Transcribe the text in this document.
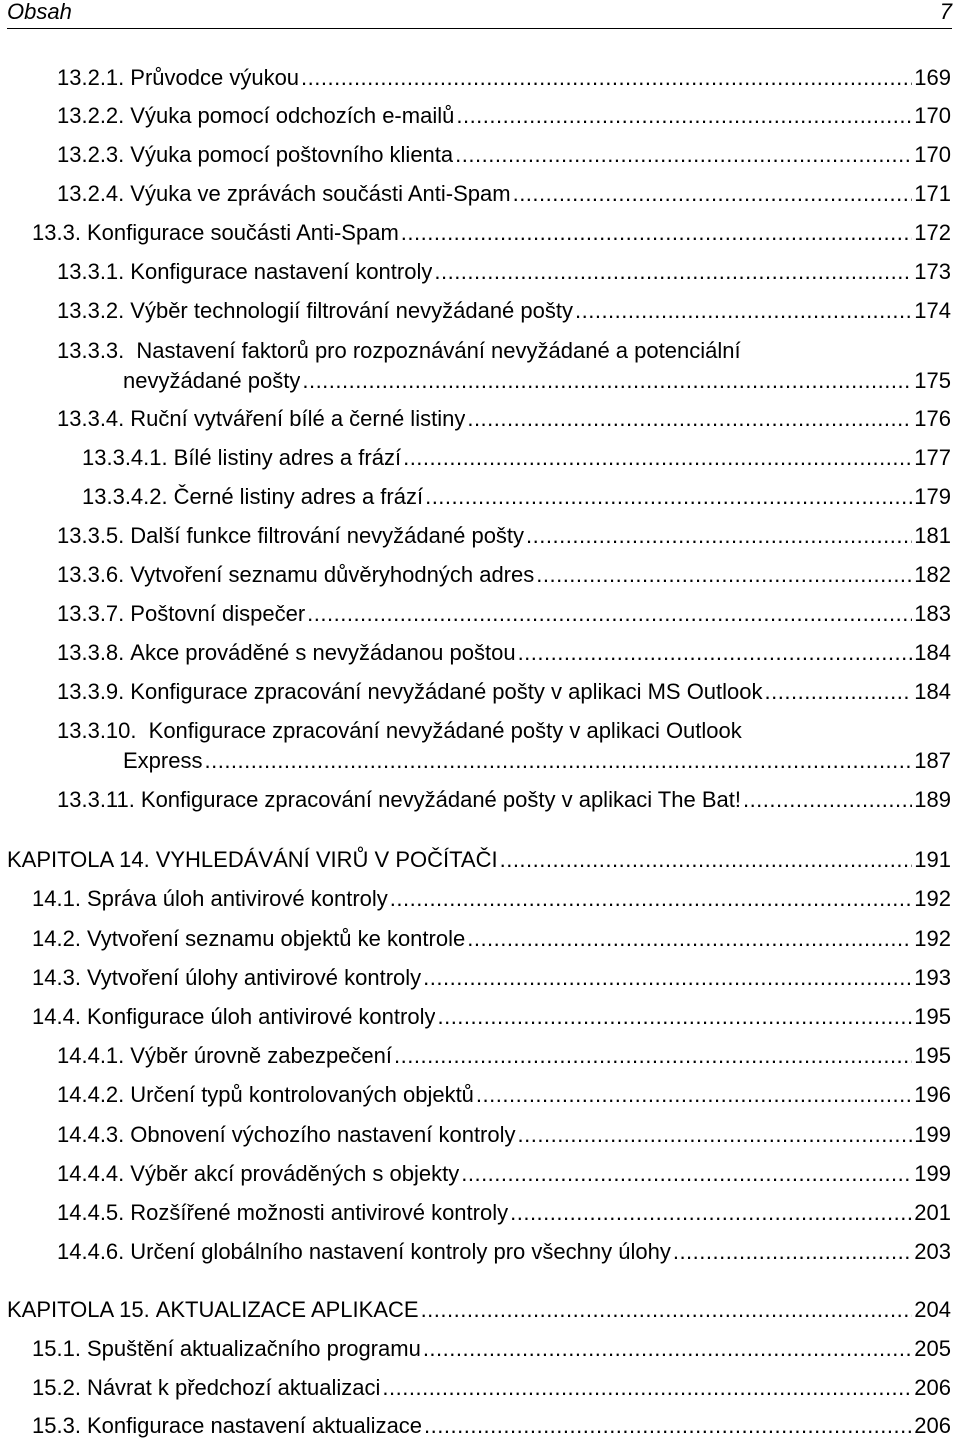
Obsah	7
13.2.1. Průvodce výukou .....	169
13.2.2. Výuka pomocí odchozích e-mailů .....	170
13.2.3. Výuka pomocí poštovního klienta .....	170
13.2.4. Výuka ve zprávách součásti Anti-Spam .....	171
13.3. Konfigurace součásti Anti-Spam .....	172
13.3.1. Konfigurace nastavení kontroly .....	173
13.3.2. Výběr technologií filtrování nevyžádané pošty .....	174
13.3.3. Nastavení faktorů pro rozpoznávání nevyžádané a potenciální
nevyžádané pošty .....	175
13.3.4. Ruční vytváření bílé a černé listiny .....	176
13.3.4.1. Bílé listiny adres a frází .....	177
13.3.4.2. Černé listiny adres a frází .....	179
13.3.5. Další funkce filtrování nevyžádané pošty .....	181
13.3.6. Vytvoření seznamu důvěryhodných adres .....	182
13.3.7. Poštovní dispečer .....	183
13.3.8. Akce prováděné s nevyžádanou poštou .....	184
13.3.9. Konfigurace zpracování nevyžádané pošty v aplikaci MS Outlook .....	184
13.3.10. Konfigurace zpracování nevyžádané pošty v aplikaci Outlook
Express .....	187
13.3.11. Konfigurace zpracování nevyžádané pošty v aplikaci The Bat! .....	189
KAPITOLA 14. VYHLEDÁVÁNÍ VIRŮ V POČÍTAČI .....	191
14.1. Správa úloh antivirové kontroly .....	192
14.2. Vytvoření seznamu objektů ke kontrole .....	192
14.3. Vytvoření úlohy antivirové kontroly .....	193
14.4. Konfigurace úloh antivirové kontroly .....	195
14.4.1. Výběr úrovně zabezpečení .....	195
14.4.2. Určení typů kontrolovaných objektů .....	196
14.4.3. Obnovení výchozího nastavení kontroly .....	199
14.4.4. Výběr akcí prováděných s objekty .....	199
14.4.5. Rozšířené možnosti antivirové kontroly .....	201
14.4.6. Určení globálního nastavení kontroly pro všechny úlohy .....	203
KAPITOLA 15. AKTUALIZACE APLIKACE .....	204
15.1. Spuštění aktualizačního programu .....	205
15.2. Návrat k předchozí aktualizaci .....	206
15.3. Konfigurace nastavení aktualizace .....	206
